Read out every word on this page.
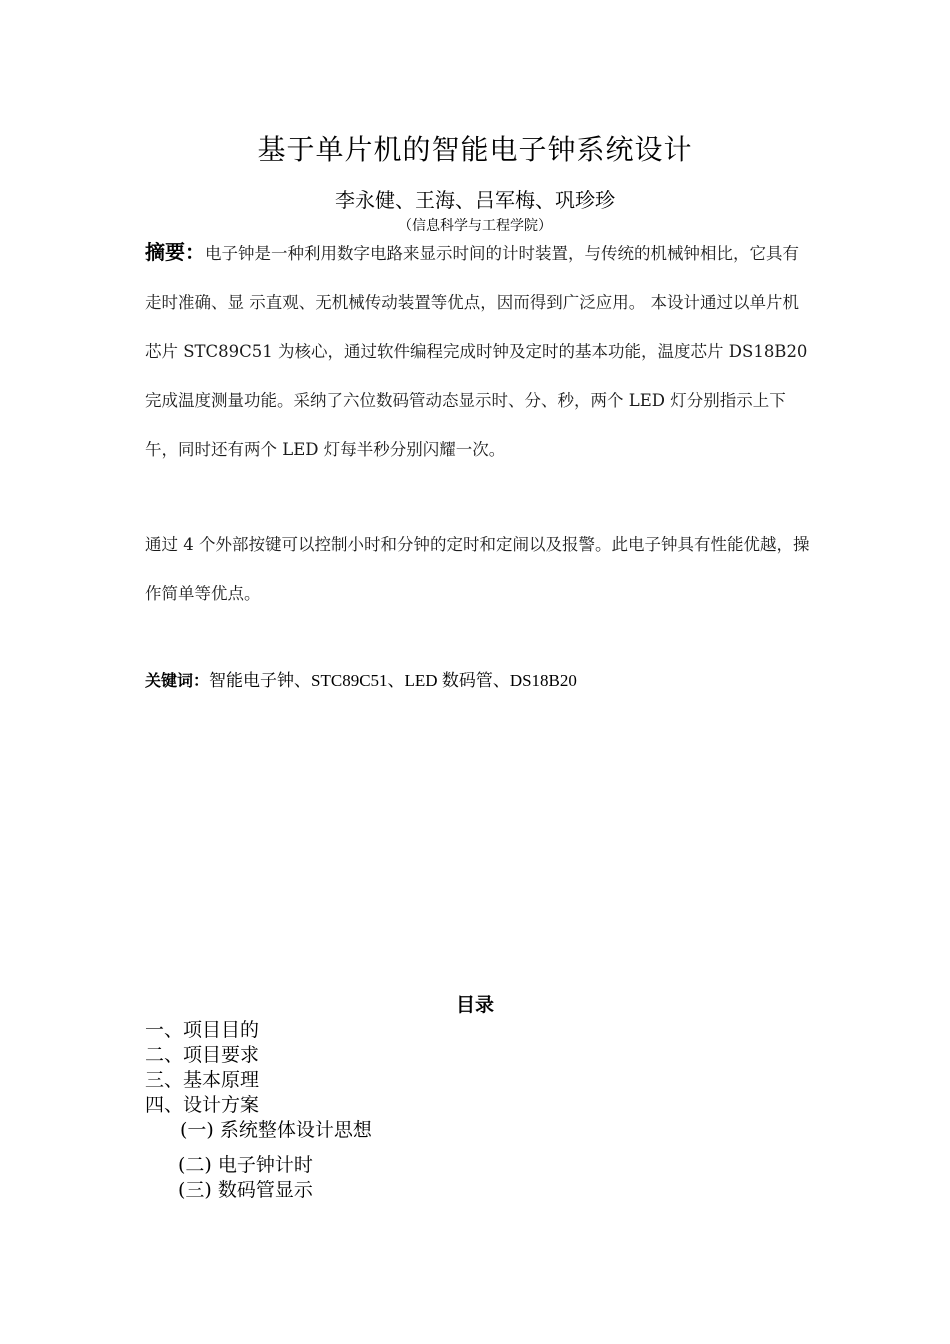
基于单片机的智能电子钟系统设计
李永健、王海、吕军梅、巩珍珍
（信息科学与工程学院）
摘要：电子钟是一种利用数字电路来显示时间的计时装置，与传统的机械钟相比，它具有走时准确、显 示直观、无机械传动装置等优点，因而得到广泛应用。 本设计通过以单片机芯片 STC89C51 为核心，通过软件编程完成时钟及定时的基本功能，温度芯片 DS18B20 完成温度测量功能。采纳了六位数码管动态显示时、分、秒，两个 LED 灯分别指示上下午，同时还有两个 LED 灯每半秒分别闪耀一次。
通过 4 个外部按键可以控制小时和分钟的定时和定闹以及报警。此电子钟具有性能优越，操作简单等优点。
关键词：智能电子钟、STC89C51、LED 数码管、DS18B20
目录
一、项目目的
二、项目要求
三、基本原理
四、设计方案
(一) 系统整体设计思想
(二) 电子钟计时
(三) 数码管显示
